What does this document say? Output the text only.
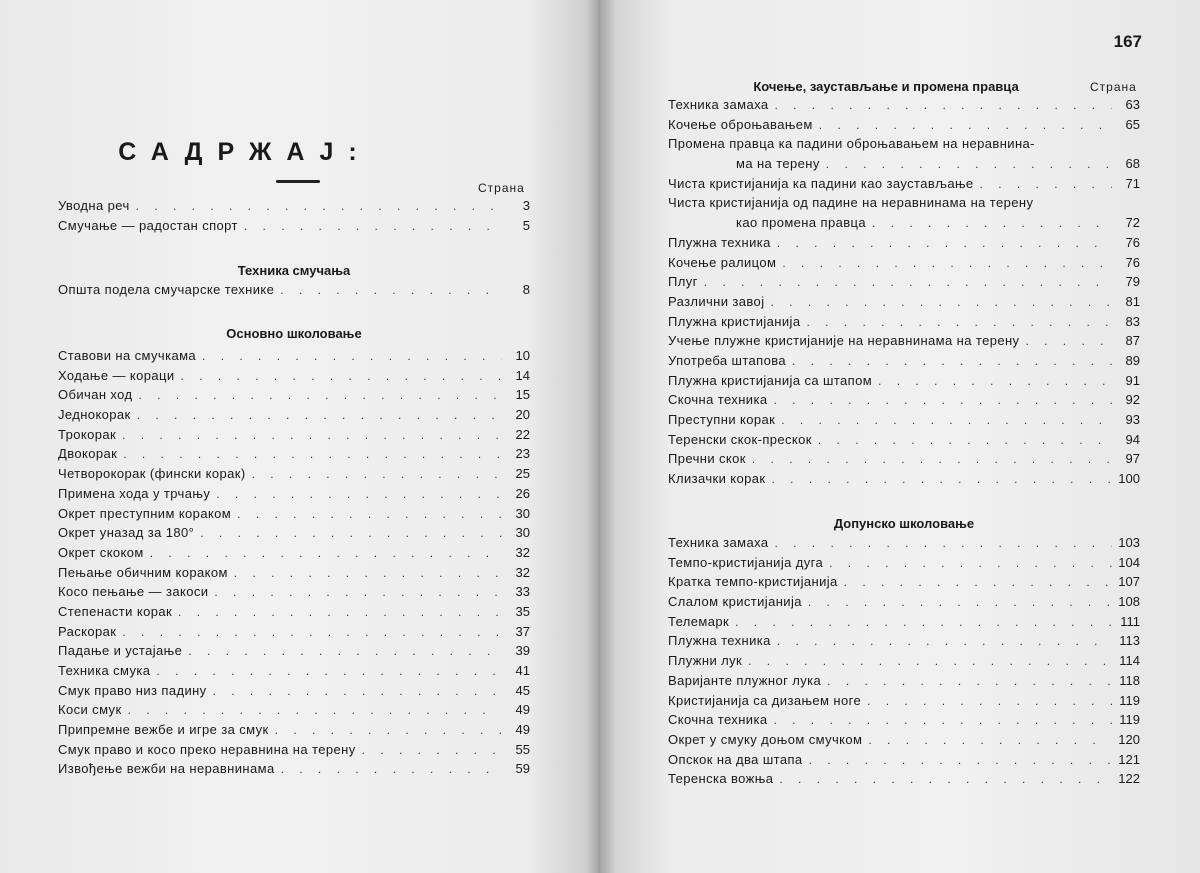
САДРЖАЈ:
Страна
Уводна реч . . .	3
Смучање — радостан спорт . . .	5
Техника смучања
Општа подела смучарске технике . . .	8
Основно школовање
Ставови на смучкама . . .	10
Ходање — кораци . . .	14
Обичан ход . . .	15
Једнокорак . . .	20
Трокорак . . .	22
Двокорак . . .	23
Четворокорак (фински корак) . . .	25
Примена хода у трчању . . .	26
Окрет преступним кораком . . .	30
Окрет уназад за 180° . . .	30
Окрет скоком . . .	32
Пењање обичним кораком . . .	32
Косо пењање — закоси . . .	33
Степенасти корак . . .	35
Раскорак . . .	37
Падање и устајање . . .	39
Техника смука . . .	41
Смук право низ падину . . .	45
Коси смук . . .	49
Припремне вежбе и игре за смук . . .	49
Смук право и косо преко неравнина на терену . . .	55
Извођење вежби на неравнинама . . .	59
167
Кочење, заустављање и промена правца	Страна
Техника замаха . . .	63
Кочење оброњавањем . . .	65
Промена правца ка падини оброњавањем на неравнина-
ма на терену . . .	68
Чиста кристијанија ка падини као заустављање . . .	71
Чиста кристијанија од падине на неравнинама на терену
као промена правца . . .	72
Плужна техника . . .	76
Кочење ралицом . . .	76
Плуг . . .	79
Различни завој . . .	81
Плужна кристијанија . . .	83
Учење плужне кристијаније на неравнинама на терену . . .	87
Употреба штапова . . .	89
Плужна кристијанија са штапом . . .	91
Скочна техника . . .	92
Преступни корак . . .	93
Теренски скок-прескок . . .	94
Пречни скок . . .	97
Клизачки корак . . .	100
Допунско школовање
Техника замаха . . .	103
Темпо-кристијанија дуга . . .	104
Кратка темпо-кристијанија . . .	107
Слалом кристијанија . . .	108
Телемарк . . .	111
Плужна техника . . .	113
Плужни лук . . .	114
Варијанте плужног лука . . .	118
Кристијанија са дизањем ноге . . .	119
Скочна техника . . .	119
Окрет у смуку доњом смучком . . .	120
Опскок на два штапа . . .	121
Теренска вожња . . .	122
